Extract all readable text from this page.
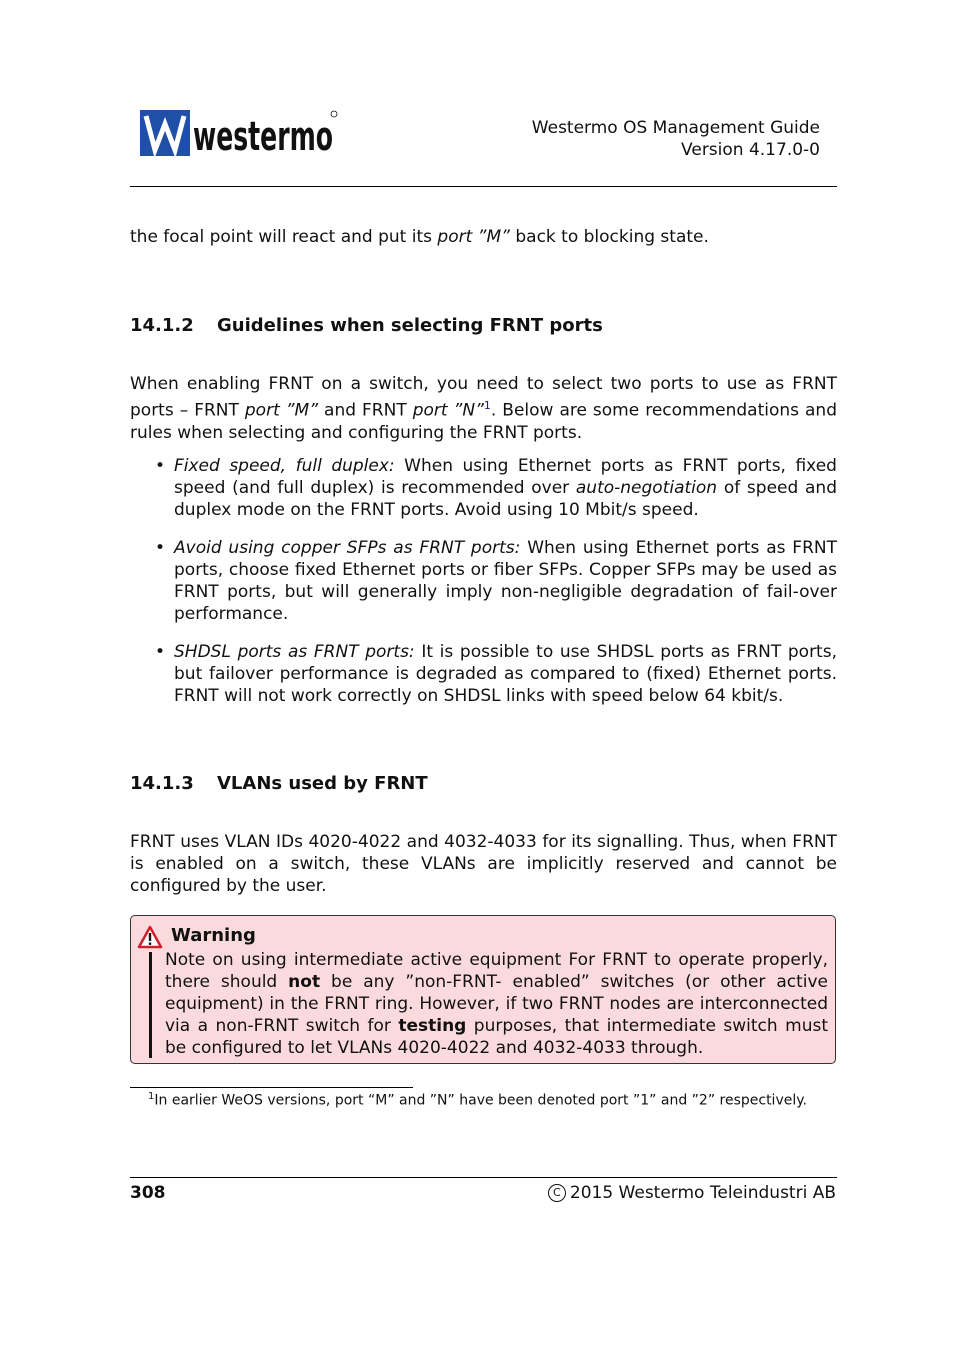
westermo	Westermo OS Management Guide
Version 4.17.0-0
the focal point will react and put its port ”M” back to blocking state.
14.1.2 Guidelines when selecting FRNT ports
When enabling FRNT on a switch, you need to select two ports to use as FRNT ports – FRNT port ”M” and FRNT port ”N”$^1$. Below are some recommendations and rules when selecting and configuring the FRNT ports.
• Fixed speed, full duplex: When using Ethernet ports as FRNT ports, fixed speed (and full duplex) is recommended over auto-negotiation of speed and duplex mode on the FRNT ports. Avoid using 10 Mbit/s speed.
• Avoid using copper SFPs as FRNT ports: When using Ethernet ports as FRNT ports, choose fixed Ethernet ports or fiber SFPs. Copper SFPs may be used as FRNT ports, but will generally imply non-negligible degradation of fail-over performance.
• SHDSL ports as FRNT ports: It is possible to use SHDSL ports as FRNT ports, but failover performance is degraded as compared to (fixed) Ethernet ports. FRNT will not work correctly on SHDSL links with speed below 64 kbit/s.
14.1.3 VLANs used by FRNT
FRNT uses VLAN IDs 4020-4022 and 4032-4033 for its signalling. Thus, when FRNT is enabled on a switch, these VLANs are implicitly reserved and cannot be configured by the user.
Warning
Note on using intermediate active equipment For FRNT to operate properly, there should not be any ”non-FRNT- enabled” switches (or other active equipment) in the FRNT ring. However, if two FRNT nodes are interconnected via a non-FRNT switch for testing purposes, that intermediate switch must be configured to let VLANs 4020-4022 and 4032-4033 through.
$^1$In earlier WeOS versions, port “M” and ”N” have been denoted port ”1” and ”2” respectively.
308	C 2015 Westermo Teleindustri AB
